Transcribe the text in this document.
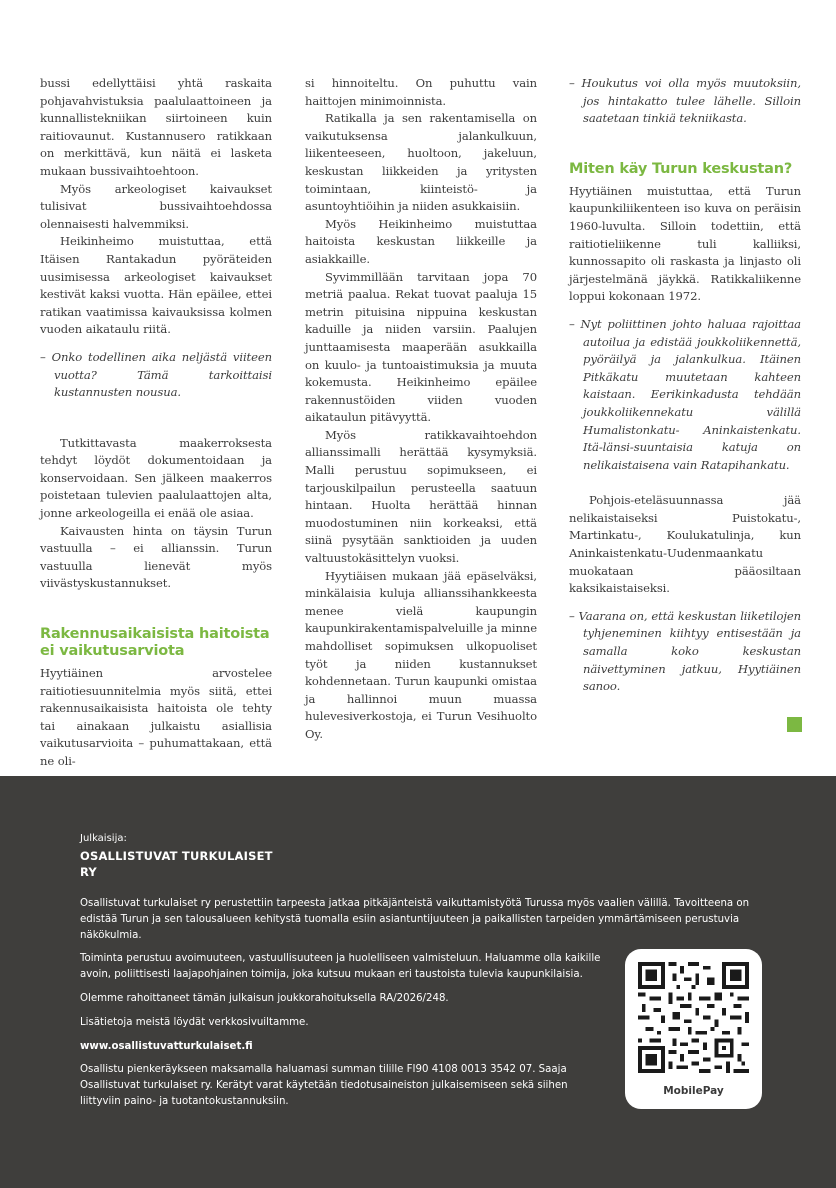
bussi edellyttäisi yhtä raskaita pohjavahvistuksia paalulaattoineen ja kunnallistekniikan siirtoineen kuin raitiovaunut. Kustannusero ratikkaan on merkittävä, kun näitä ei lasketa mukaan bussivaihtoehtoon.

Myös arkeologiset kaivaukset tulisivat bussivaihtoehdossa olennaisesti halvemmiksi.

Heikinheimo muistuttaa, että Itäisen Rantakadun pyöräteiden uusimisessa arkeologiset kaivaukset kestivät kaksi vuotta. Hän epäilee, ettei ratikan vaatimissa kaivauksissa kolmen vuoden aikataulu riitä.

– Onko todellinen aika neljästä viiteen vuotta? Tämä tarkoittaisi kustannusten nousua.

Tutkittavasta maakerroksesta tehdyt löydöt dokumentoidaan ja konservoidaan. Sen jälkeen maakerros poistetaan tulevien paalulaattojen alta, jonne arkeologeilla ei enää ole asiaa.

Kaivausten hinta on täysin Turun vastuulla – ei allianssin. Turun vastuulla lienevät myös viivästyskustannukset.

Rakennusaikaisista haitoista ei vaikutusarviota

Hyytiäinen arvostelee raitiotiesuunnitelmia myös siitä, ettei rakennusaikaisista haitoista ole tehty tai ainakaan julkaistu asiallisia vaikutusarvioita – puhumattakaan, että ne oli-

si hinnoiteltu. On puhuttu vain haittojen minimoinnista.

Ratikalla ja sen rakentamisella on vaikutuksensa jalankulkuun, liikenteeseen, huoltoon, jakeluun, keskustan liikkeiden ja yritysten toimintaan, kiinteistö- ja asuntoyhtiöihin ja niiden asukkaisiin.

Myös Heikinheimo muistuttaa haitoista keskustan liikkeille ja asiakkaille.

Syvimmillään tarvitaan jopa 70 metriä paalua. Rekat tuovat paaluja 15 metrin pituisina nippuina keskustan kaduille ja niiden varsiin. Paalujen junttaamisesta maaperään asukkailla on kuulo- ja tuntoaistimuksia ja muuta kokemusta. Heikinheimo epäilee rakennustöiden viiden vuoden aikataulun pitävyyttä.

Myös ratikkavaihtoehdon allianssimalli herättää kysymyksiä. Malli perustuu sopimukseen, ei tarjouskilpailun perusteella saatuun hintaan. Huolta herättää hinnan muodostuminen niin korkeaksi, että siinä pysytään sanktioiden ja uuden valtuustokäsittelyn vuoksi.

Hyytiäisen mukaan jää epäselväksi, minkälaisia kuluja allianssihankkeesta menee vielä kaupungin kaupunkirakentamispalveluille ja minne mahdolliset sopimuksen ulkopuoliset työt ja niiden kustannukset kohdennetaan. Turun kaupunki omistaa ja hallinnoi muun muassa hulevesiverkostoja, ei Turun Vesihuolto Oy.

– Houkutus voi olla myös muutoksiin, jos hintakatto tulee lähelle. Silloin saatetaan tinkiä tekniikasta.

Miten käy Turun keskustan?

Hyytiäinen muistuttaa, että Turun kaupunkiliikenteen iso kuva on peräisin 1960-luvulta. Silloin todettiin, että raitiotieliikenne tuli kalliiksi, kunnossapito oli raskasta ja linjasto oli järjestelmänä jäykkä. Ratikkaliikenne loppui kokonaan 1972.

– Nyt poliittinen johto haluaa rajoittaa autoilua ja edistää joukkoliikennettä, pyöräilyä ja jalankulkua. Itäinen Pitkäkatu muutetaan kahteen kaistaan. Eerikinkadusta tehdään joukkoliikennekatu välillä Humalistonkatu- Aninkaistenkatu. Itä-länsi-suuntaisia katuja on nelikaistaisena vain Ratapihankatu.

Pohjois-eteläsuunnassa jää nelikaistaiseksi Puistokatu-, Martinkatu-, Koulukatulinja, kun Aninkaistenkatu-Uudenmaankatu muokataan pääosiltaan kaksikaistaiseksi.

– Vaarana on, että keskustan liiketilojen tyhjeneminen kiihtyy entisestään ja samalla koko keskustan näivettyminen jatkuu, Hyytiäinen sanoo.

Julkaisija:
OSALLISTUVAT TURKULAISET RY

Osallistuvat turkulaiset ry perustettiin tarpeesta jatkaa pitkäjänteistä vaikuttamistyötä Turussa myös vaalien välillä. Tavoitteena on edistää Turun ja sen talousalueen kehitystä tuomalla esiin asiantuntijuuteen ja paikallisten tarpeiden ymmärtämiseen perustuvia näkökulmia.

Toiminta perustuu avoimuuteen, vastuullisuuteen ja huolelliseen valmisteluun. Haluamme olla kaikille avoin, poliittisesti laajapohjainen toimija, joka kutsuu mukaan eri taustoista tulevia kaupunkilaisia.

Olemme rahoittaneet tämän julkaisun joukkorahoituksella RA/2026/248.

Lisätietoja meistä löydät verkkosivuiltamme.

www.osallistuvatturkulaiset.fi

Osallistu pienkeräykseen maksamalla haluamasi summan tilille FI90 4108 0013 3542 07. Saaja Osallistuvat turkulaiset ry. Kerätyt varat käytetään tiedotusaineiston julkaisemiseen sekä siihen liittyviin paino- ja tuotantokustannuksiin.

MobilePay
